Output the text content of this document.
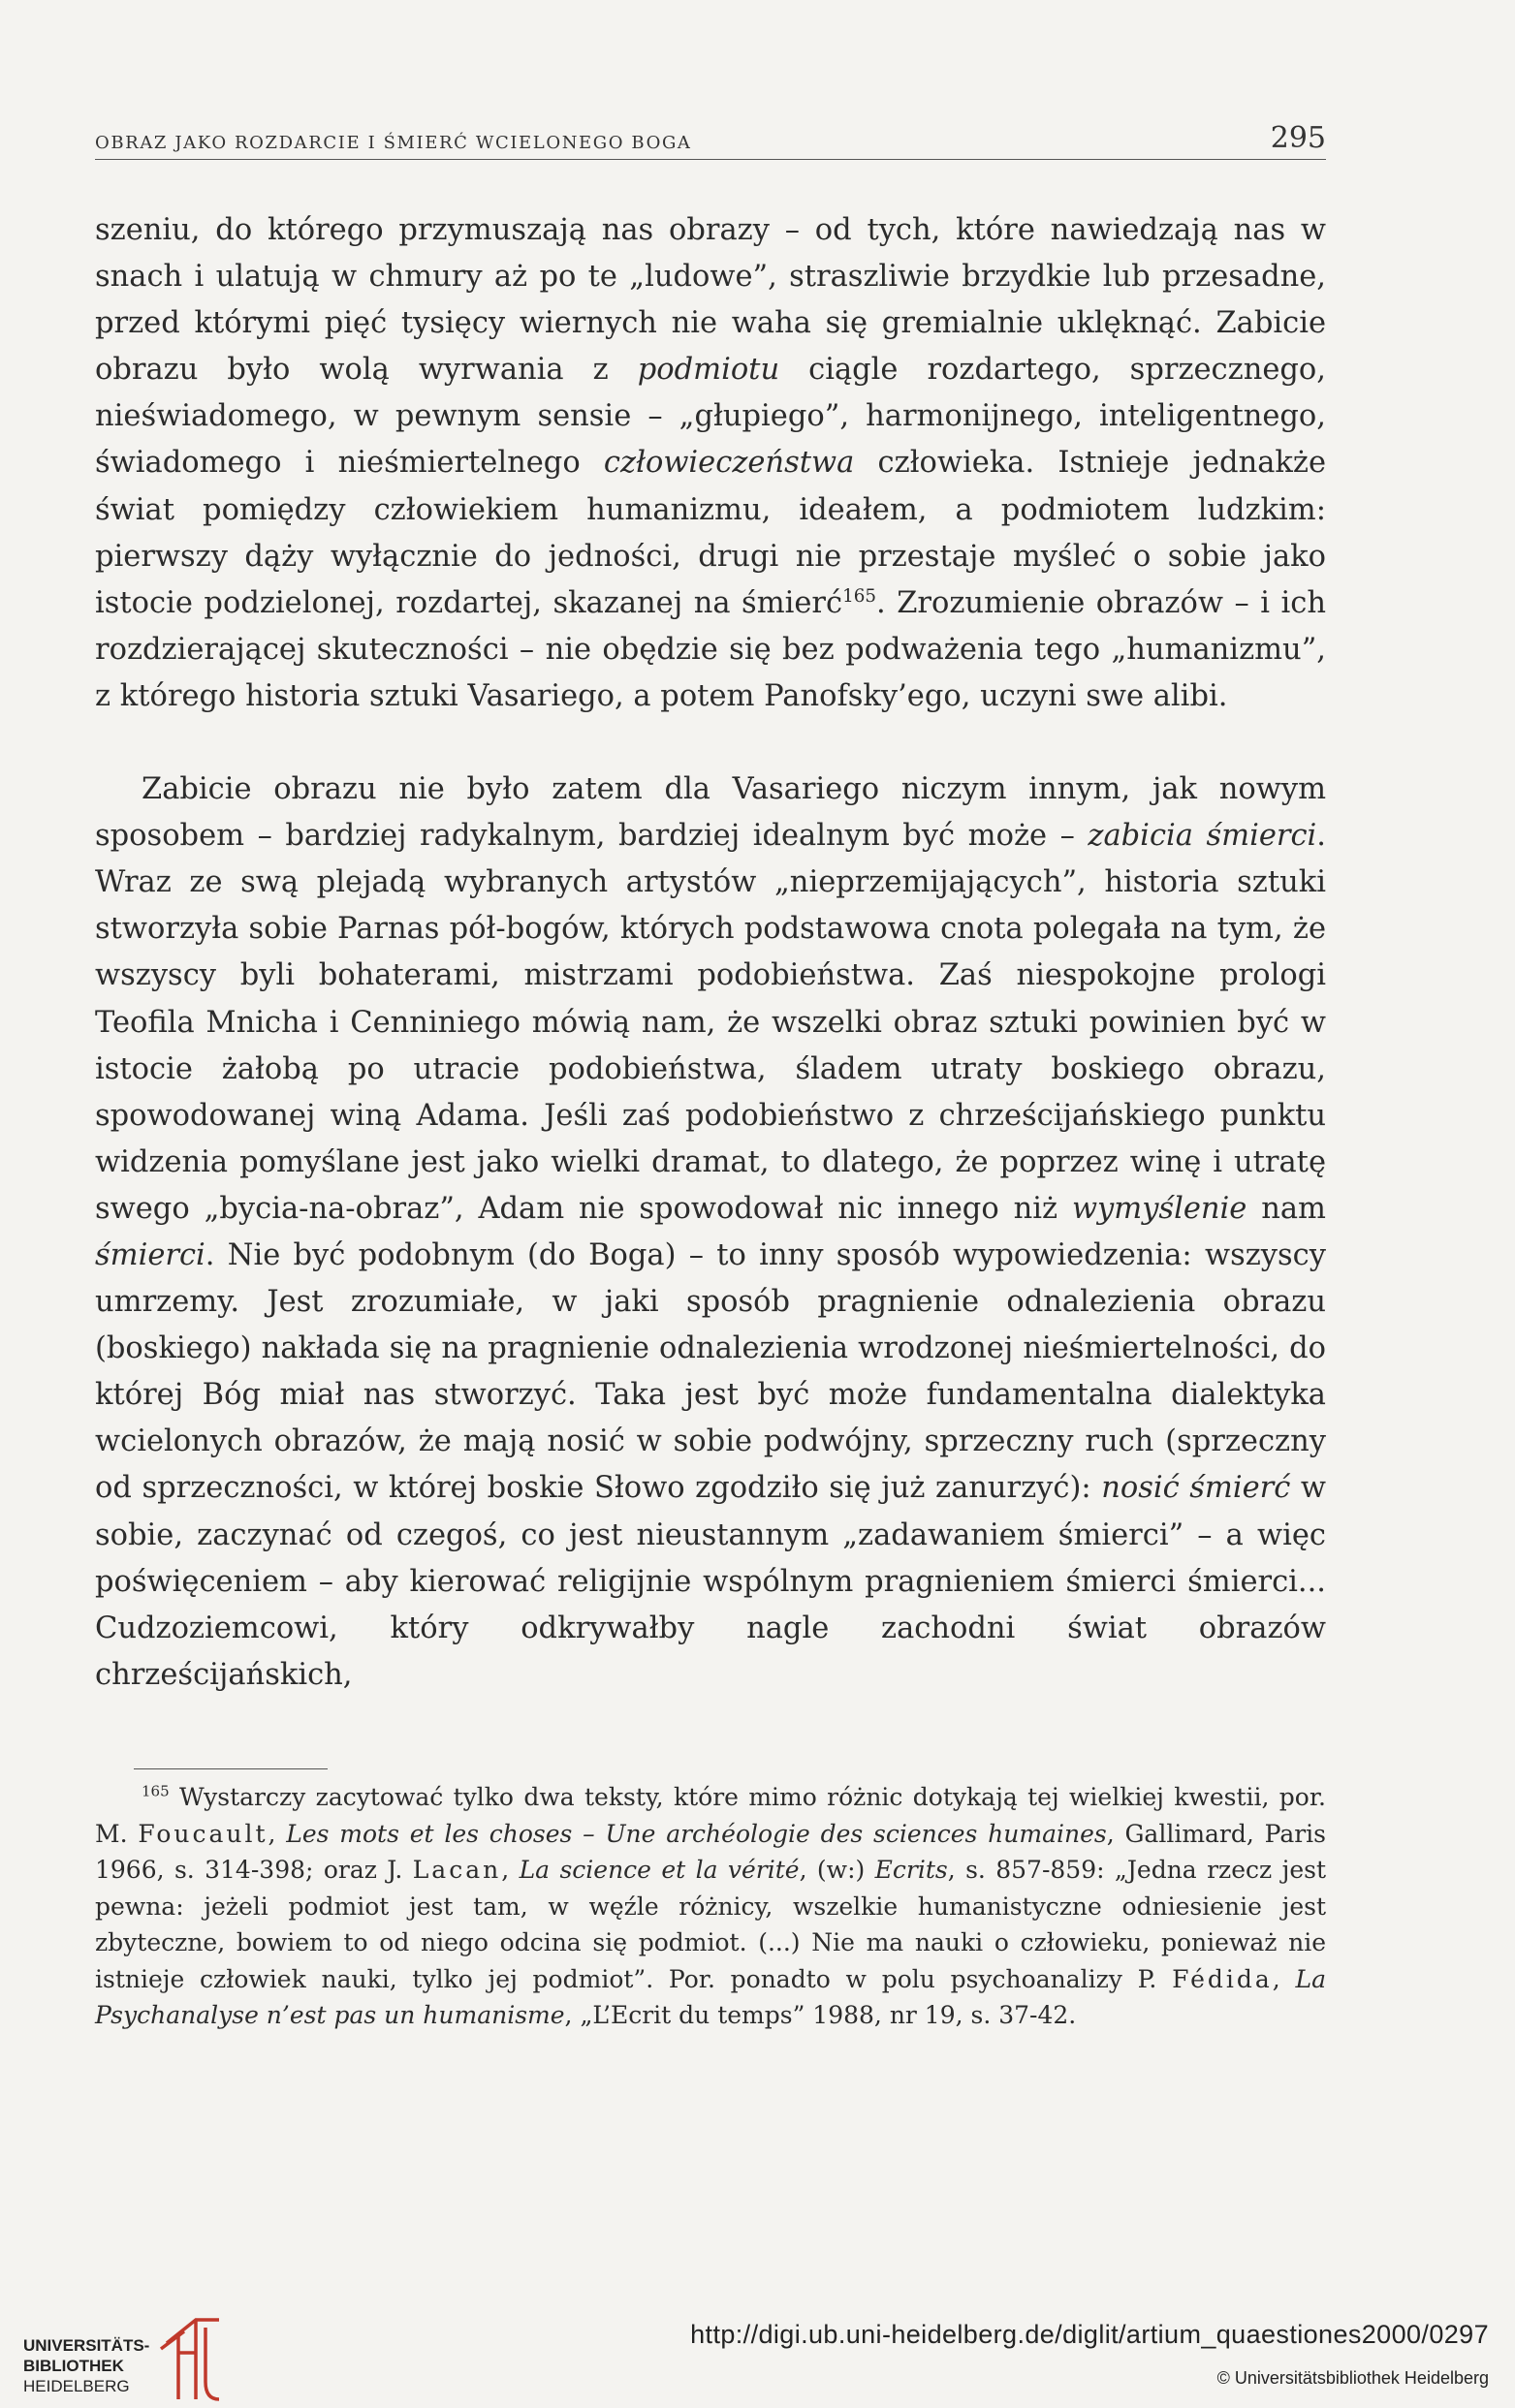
OBRAZ JAKO ROZDARCIE I ŚMIERĆ WCIELONEGO BOGA	295

szeniu, do którego przymuszają nas obrazy – od tych, które nawiedzają nas w snach i ulatują w chmury aż po te „ludowe”, straszliwie brzydkie lub przesadne, przed którymi pięć tysięcy wiernych nie waha się gremialnie uklęknąć. Zabicie obrazu było wolą wyrwania z podmiotu ciągle rozdartego, sprzecznego, nieświadomego, w pewnym sensie – „głupiego”, harmonijnego, inteligentnego, świadomego i nieśmiertelnego człowieczeństwa człowieka. Istnieje jednakże świat pomiędzy człowiekiem humanizmu, ideałem, a podmiotem ludzkim: pierwszy dąży wyłącznie do jedności, drugi nie przestaje myśleć o sobie jako istocie podzielonej, rozdartej, skazanej na śmierć$^{165}$. Zrozumienie obrazów – i ich rozdzierającej skuteczności – nie obędzie się bez podważenia tego „humanizmu”, z którego historia sztuki Vasariego, a potem Panofsky’ego, uczyni swe alibi.

Zabicie obrazu nie było zatem dla Vasariego niczym innym, jak nowym sposobem – bardziej radykalnym, bardziej idealnym być może – zabicia śmierci. Wraz ze swą plejadą wybranych artystów „nieprzemijających”, historia sztuki stworzyła sobie Parnas pół-bogów, których podstawowa cnota polegała na tym, że wszyscy byli bohaterami, mistrzami podobieństwa. Zaś niespokojne prologi Teofila Mnicha i Cenniniego mówią nam, że wszelki obraz sztuki powinien być w istocie żałobą po utracie podobieństwa, śladem utraty boskiego obrazu, spowodowanej winą Adama. Jeśli zaś podobieństwo z chrześcijańskiego punktu widzenia pomyślane jest jako wielki dramat, to dlatego, że poprzez winę i utratę swego „bycia-na-obraz”, Adam nie spowodował nic innego niż wymyślenie nam śmierci. Nie być podobnym (do Boga) – to inny sposób wypowiedzenia: wszyscy umrzemy. Jest zrozumiałe, w jaki sposób pragnienie odnalezienia obrazu (boskiego) nakłada się na pragnienie odnalezienia wrodzonej nieśmiertelności, do której Bóg miał nas stworzyć. Taka jest być może fundamentalna dialektyka wcielonych obrazów, że mają nosić w sobie podwójny, sprzeczny ruch (sprzeczny od sprzeczności, w której boskie Słowo zgodziło się już zanurzyć): nosić śmierć w sobie, zaczynać od czegoś, co jest nieustannym „zadawaniem śmierci” – a więc poświęceniem – aby kierować religijnie wspólnym pragnieniem śmierci śmierci... Cudzoziemcowi, który odkrywałby nagle zachodni świat obrazów chrześcijańskich,

$^{165}$ Wystarczy zacytować tylko dwa teksty, które mimo różnic dotykają tej wielkiej kwestii, por. M. Foucault, Les mots et les choses – Une archéologie des sciences humaines, Gallimard, Paris 1966, s. 314-398; oraz J. Lacan, La science et la vérité, (w:) Ecrits, s. 857-859: „Jedna rzecz jest pewna: jeżeli podmiot jest tam, w węźle różnicy, wszelkie humanistyczne odniesienie jest zbyteczne, bowiem to od niego odcina się podmiot. (...) Nie ma nauki o człowieku, ponieważ nie istnieje człowiek nauki, tylko jej podmiot”. Por. ponadto w polu psychoanalizy P. Fédida, La Psychanalyse n’est pas un humanisme, „L’Ecrit du temps” 1988, nr 19, s. 37-42.

UNIVERSITÄTS-
BIBLIOTHEK
HEIDELBERG
http://digi.ub.uni-heidelberg.de/diglit/artium_quaestiones2000/0297
© Universitätsbibliothek Heidelberg
